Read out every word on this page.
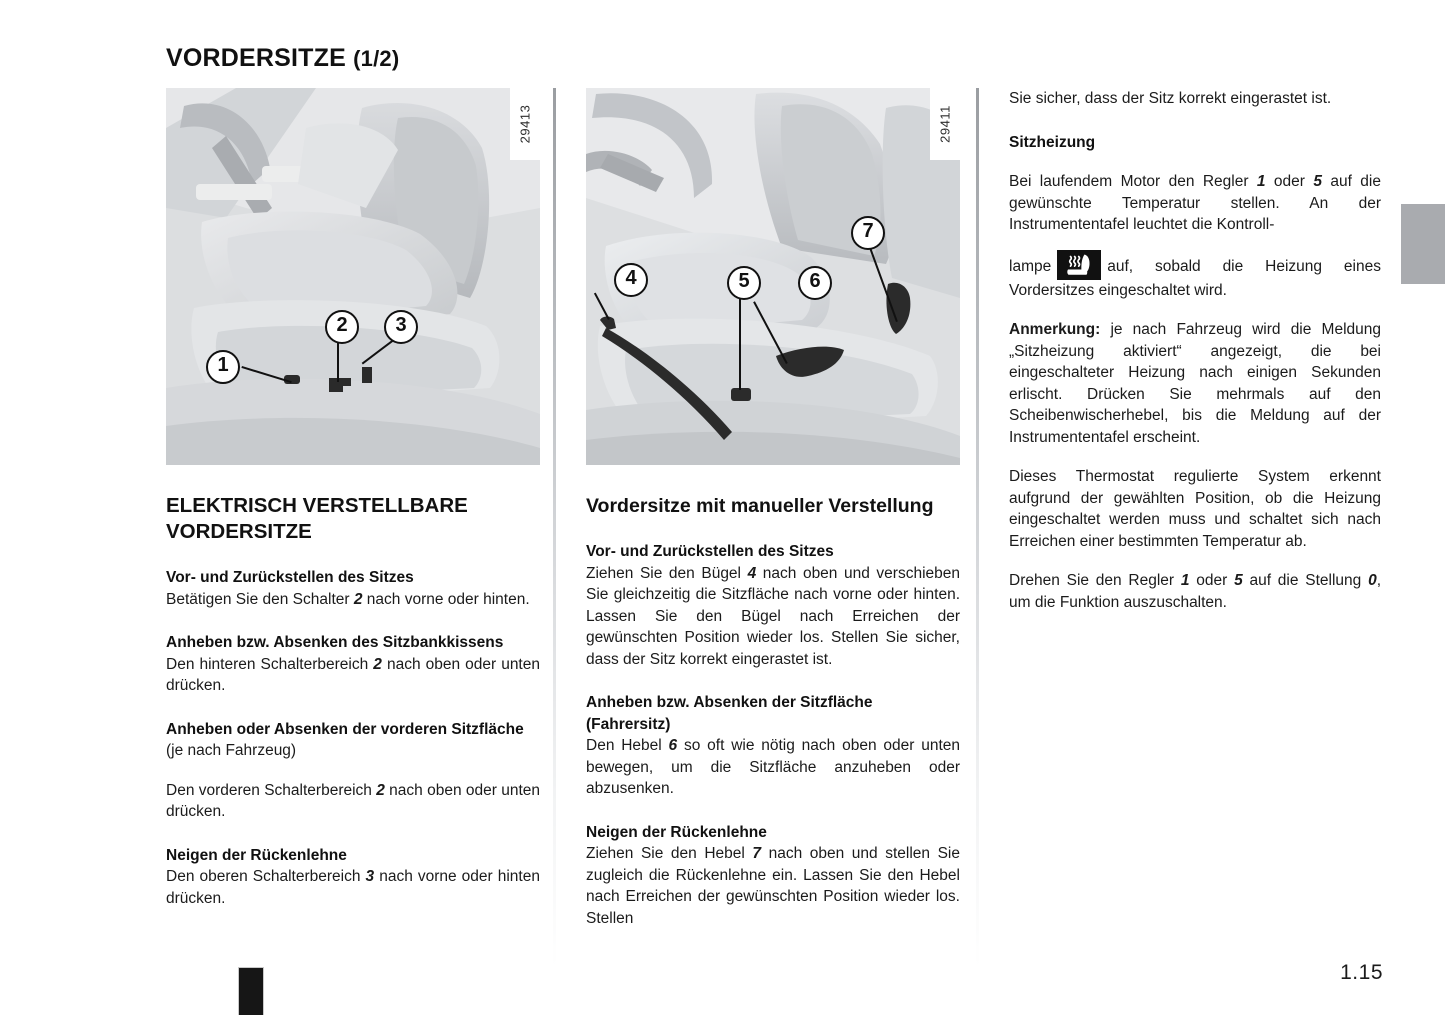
VORDERSITZE (1/2)
1
2	3
29413
ELEKTRISCH VERSTELLBARE VORDERSITZE
Vor- und Zurückstellen des Sitzes

Betätigen Sie den Schalter 2 nach vorne oder hinten.

Anheben bzw. Absenken des Sitzbankkissens

Den hinteren Schalterbereich 2 nach oben oder unten drücken.

Anheben oder Absenken der vorderen Sitzfläche

(je nach Fahrzeug)

Den vorderen Schalterbereich 2 nach oben oder unten drücken.

Neigen der Rückenlehne

Den oberen Schalterbereich 3 nach vorne oder hinten drücken.

4	5	6
7
29411
Vordersitze mit manueller Verstellung
Vor- und Zurückstellen des Sitzes

Ziehen Sie den Bügel 4 nach oben und verschieben Sie gleichzeitig die Sitzfläche nach vorne oder hinten. Lassen Sie den Bügel nach Erreichen der gewünschten Position wieder los. Stellen Sie sicher, dass der Sitz korrekt eingerastet ist.

Anheben bzw. Absenken der Sitzfläche (Fahrersitz)

Den Hebel 6 so oft wie nötig nach oben oder unten bewegen, um die Sitzfläche anzuheben oder abzusenken.

Neigen der Rückenlehne

Ziehen Sie den Hebel 7 nach oben und stellen Sie zugleich die Rückenlehne ein. Lassen Sie den Hebel nach Erreichen der gewünschten Position wieder los. Stellen

Sie sicher, dass der Sitz korrekt eingerastet ist.

Sitzheizung

Bei laufendem Motor den Regler 1 oder 5 auf die gewünschte Temperatur stellen. An der Instrumententafel leuchtet die Kontroll-

lampe	auf, sobald die Heizung eines Vordersitzes eingeschaltet wird.

Anmerkung: je nach Fahrzeug wird die Meldung „Sitzheizung aktiviert“ angezeigt, die bei eingeschalteter Heizung nach einigen Sekunden erlischt. Drücken Sie mehrmals auf den Scheibenwischerhebel, bis die Meldung auf der Instrumententafel erscheint.

Dieses Thermostat regulierte System erkennt aufgrund der gewählten Position, ob die Heizung eingeschaltet werden muss und schaltet sich nach Erreichen einer bestimmten Temperatur ab.

Drehen Sie den Regler 1 oder 5 auf die Stellung 0, um die Funktion auszuschalten.

1.15
